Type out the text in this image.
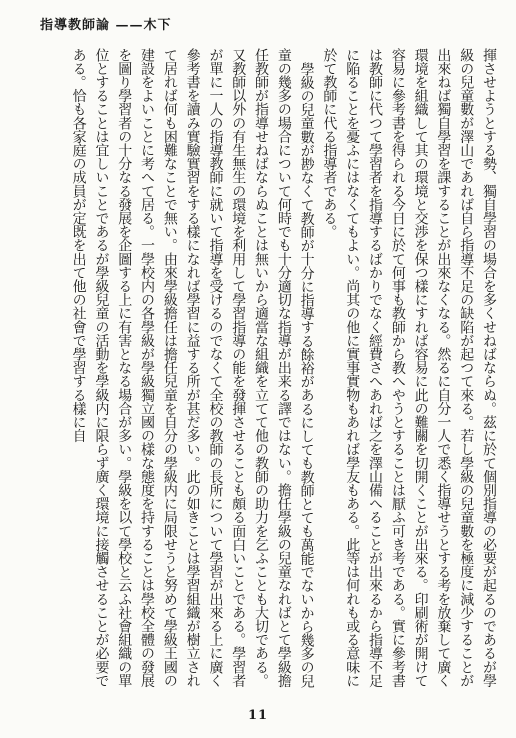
指導教師論 ——木下

揮させようとする勢、獨自學習の場合を多くせねばならぬ。茲に於て個別指導の必要が起るのであるが學級の兒童數が澤山であれば自ら指導不足の缺陷が起つて來る。若し學級の兒童數を極度に減少することが出來ねば獨自學習を課することが出來なくなる。然るに自分一人で悉く指導せうとする考を放棄して廣く環境を組織して其の環境と交渉を保つ樣にすれば容易に此の難關を切開くことが出來る。印刷術が開けて容易に參考書を得られる今日に於て何事も教師から教へやうとすることは厭ふ可き考である。實に參考書は教師に代つて學習者を指導するばかりでなく經費さへあれば之を澤山備へることが出來るから指導不足に陥ることを憂ふにはなくてもよい。尚其の他に實事實物もあれば學友もある。此等は何れも或る意味に於て教師に代る指導者である。

學級の兒童數が尠なくて教師が十分に指導する餘裕があるにしても教師とても萬能でないから幾多の兒童の幾多の場合について何時でも十分適切な指導が出来る譯ではない。擔任學級の兒童なればとて學級擔任教師が指導せねばならぬことは無いから適當な組織を立てて他の教師の助力を乞ふことも大切である。又教師以外の有生無生の環境を利用して學習指導の能を發揮させることも頗る面白いことである。學習者が單に一人の指導教師に就いて指導を受けるのでなくて全校の教師の長所について學習が出來る上に廣く參考書を讀み實驗實習をする樣になれば學習に益する所が甚だ多い。此の如きことは學習組織が樹立されて居れば何も困難なことで無い。由來學級擔任は擔任兒童を自分の學級内に局限せうと努めて學級王國の建設をよいことに考へて居る。一學校内の各學級が學級獨立國の樣な態度を持することは學校全體の發展を圖り學習者の十分なる發展を企圖する上に有害となる場合が多い。學級を以て學校と云ふ社會組織の單位とすることは宜しいことであるが學級兒童の活動を學級内に限らず廣く環境に接觸させることが必要である。恰も各家庭の成員が定既を出て他の社會で學習する樣に自

11
